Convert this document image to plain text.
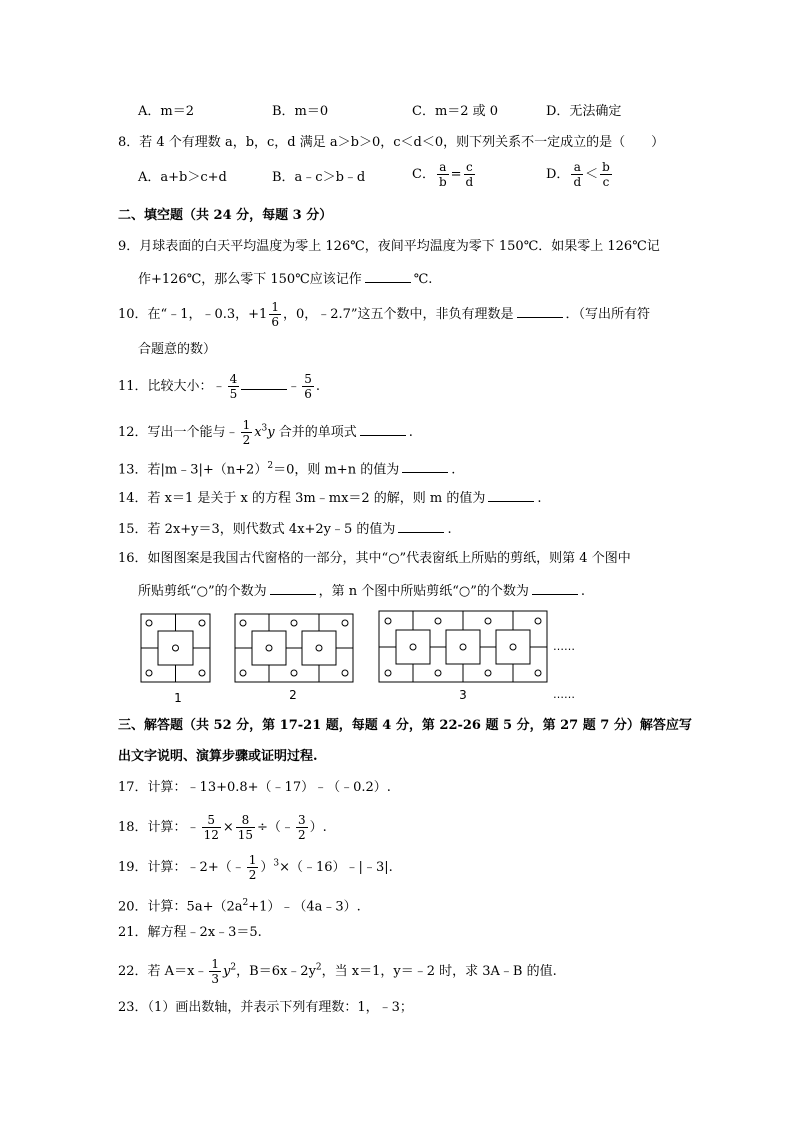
A．m＝2	B．m＝0	C．m＝2 或 0	D．无法确定
8．若 4 个有理数 a，b，c，d 满足 a＞b＞0，c＜d＜0，则下列关系不一定成立的是（　　）
A．a+b＞c+d	B．a﹣c＞b﹣d	C． $\frac{a}{b} = \frac{c}{d}$	D． $\frac{a}{d} < \frac{b}{c}$
二、填空题（共 24 分，每题 3 分）
9．月球表面的白天平均温度为零上 126℃，夜间平均温度为零下 150℃．如果零上 126℃记
作+126℃，那么零下 150℃应该记作	℃.
10．在“﹣1，﹣0.3，$+1 \frac{1}{6}$ ，0，﹣2.7”这五个数中，非负有理数是	．（写出所有符
合题意的数）
11．比较大小：﹣ $\frac{4}{5}$	﹣ $\frac{5}{6}$ .
12．写出一个能与﹣ $\frac{1}{2} x^3y$ 合并的单项式	.
13．若$|m﹣3|+(n+2)^2=0$，则 m+n 的值为	.
14．若 x＝1 是关于 x 的方程 3m﹣mx＝2 的解，则 m 的值为	.
15．若 2x+y＝3，则代数式 4x+2y﹣5 的值为	.
16．如图图案是我国古代窗格的一部分，其中“○”代表窗纸上所贴的剪纸，则第 4 个图中
所贴剪纸“○”的个数为	，第 n 个图中所贴剪纸“○”的个数为	.
1	2	3
……
……
三、解答题（共 52 分，第 17-21 题，每题 4 分，第 22-26 题 5 分，第 27 题 7 分）解答应写
出文字说明、演算步骤或证明过程.
17．计算：﹣13+0.8+（﹣17）﹣（﹣0.2）.
18．计算：﹣ $\frac{5}{12} \times \frac{8}{15}$ ÷（﹣ $\frac{3}{2}$ ）.
19．计算：﹣2+（﹣ $\frac{1}{2}$ ）$^3$×（﹣16）﹣|﹣3|.
20．计算：$5a+(2a^2+1)﹣(4a﹣3)$.
21．解方程﹣2x﹣3＝5.
22．若 A＝x﹣ $\frac{1}{3} y^2$，$B=6x﹣2y^2$，当 x＝1，y＝﹣2 时，求 3A﹣B 的值.
23．（1）画出数轴，并表示下列有理数：1，﹣3；
